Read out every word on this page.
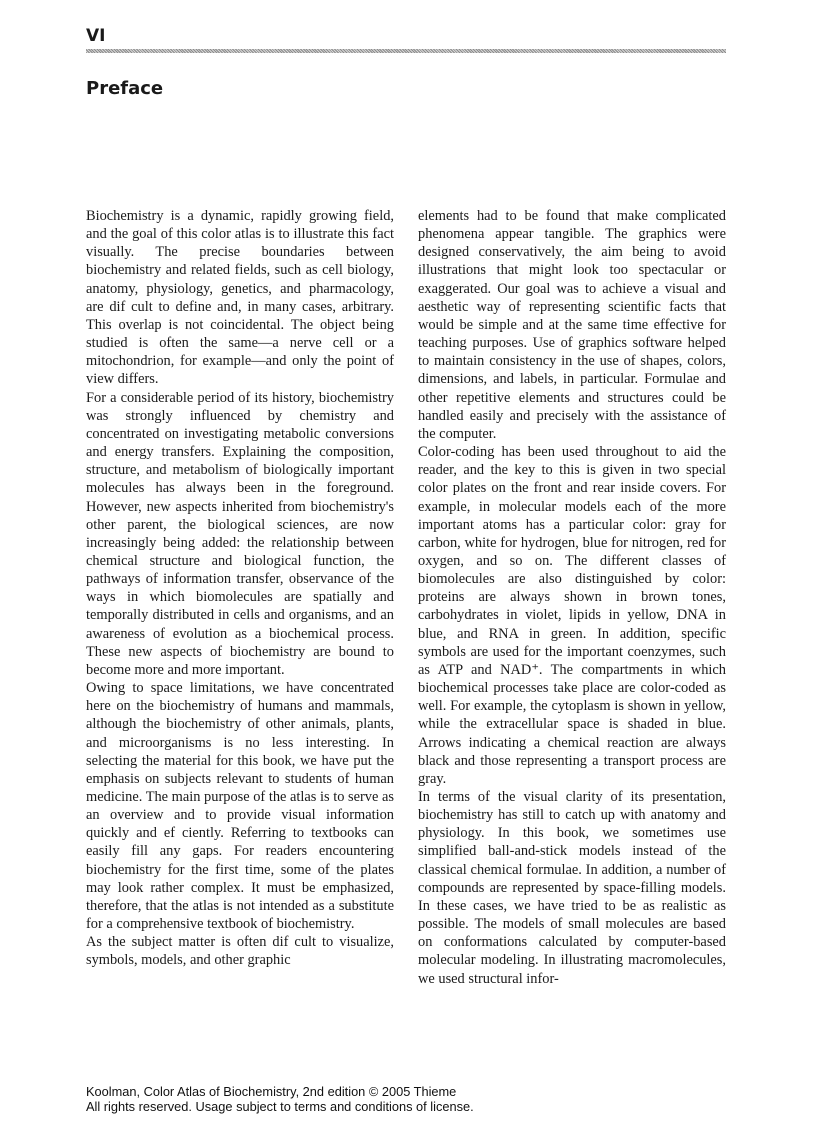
VI
Preface

Biochemistry is a dynamic, rapidly growing field, and the goal of this color atlas is to illustrate this fact visually. The precise boundaries between biochemistry and related fields, such as cell biology, anatomy, physiology, genetics, and pharmacology, are dif cult to define and, in many cases, arbitrary. This overlap is not coincidental. The object being studied is often the same—a nerve cell or a mitochondrion, for example—and only the point of view differs.

For a considerable period of its history, biochemistry was strongly influenced by chemistry and concentrated on investigating metabolic conversions and energy transfers. Explaining the composition, structure, and metabolism of biologically important molecules has always been in the foreground. However, new aspects inherited from biochemistry's other parent, the biological sciences, are now increasingly being added: the relationship between chemical structure and biological function, the pathways of information transfer, observance of the ways in which biomolecules are spatially and temporally distributed in cells and organisms, and an awareness of evolution as a biochemical process. These new aspects of biochemistry are bound to become more and more important.

Owing to space limitations, we have concentrated here on the biochemistry of humans and mammals, although the biochemistry of other animals, plants, and microorganisms is no less interesting. In selecting the material for this book, we have put the emphasis on subjects relevant to students of human medicine. The main purpose of the atlas is to serve as an overview and to provide visual information quickly and ef ciently. Referring to textbooks can easily fill any gaps. For readers encountering biochemistry for the first time, some of the plates may look rather complex. It must be emphasized, therefore, that the atlas is not intended as a substitute for a comprehensive textbook of biochemistry.

As the subject matter is often dif cult to visualize, symbols, models, and other graphic

elements had to be found that make complicated phenomena appear tangible. The graphics were designed conservatively, the aim being to avoid illustrations that might look too spectacular or exaggerated. Our goal was to achieve a visual and aesthetic way of representing scientific facts that would be simple and at the same time effective for teaching purposes. Use of graphics software helped to maintain consistency in the use of shapes, colors, dimensions, and labels, in particular. Formulae and other repetitive elements and structures could be handled easily and precisely with the assistance of the computer.

Color-coding has been used throughout to aid the reader, and the key to this is given in two special color plates on the front and rear inside covers. For example, in molecular models each of the more important atoms has a particular color: gray for carbon, white for hydrogen, blue for nitrogen, red for oxygen, and so on. The different classes of biomolecules are also distinguished by color: proteins are always shown in brown tones, carbohydrates in violet, lipids in yellow, DNA in blue, and RNA in green. In addition, specific symbols are used for the important coenzymes, such as ATP and NAD⁺. The compartments in which biochemical processes take place are color-coded as well. For example, the cytoplasm is shown in yellow, while the extracellular space is shaded in blue. Arrows indicating a chemical reaction are always black and those representing a transport process are gray.

In terms of the visual clarity of its presentation, biochemistry has still to catch up with anatomy and physiology. In this book, we sometimes use simplified ball-and-stick models instead of the classical chemical formulae. In addition, a number of compounds are represented by space-filling models. In these cases, we have tried to be as realistic as possible. The models of small molecules are based on conformations calculated by computer-based molecular modeling. In illustrating macromolecules, we used structural infor-

Koolman, Color Atlas of Biochemistry, 2nd edition © 2005 Thieme
All rights reserved. Usage subject to terms and conditions of license.
